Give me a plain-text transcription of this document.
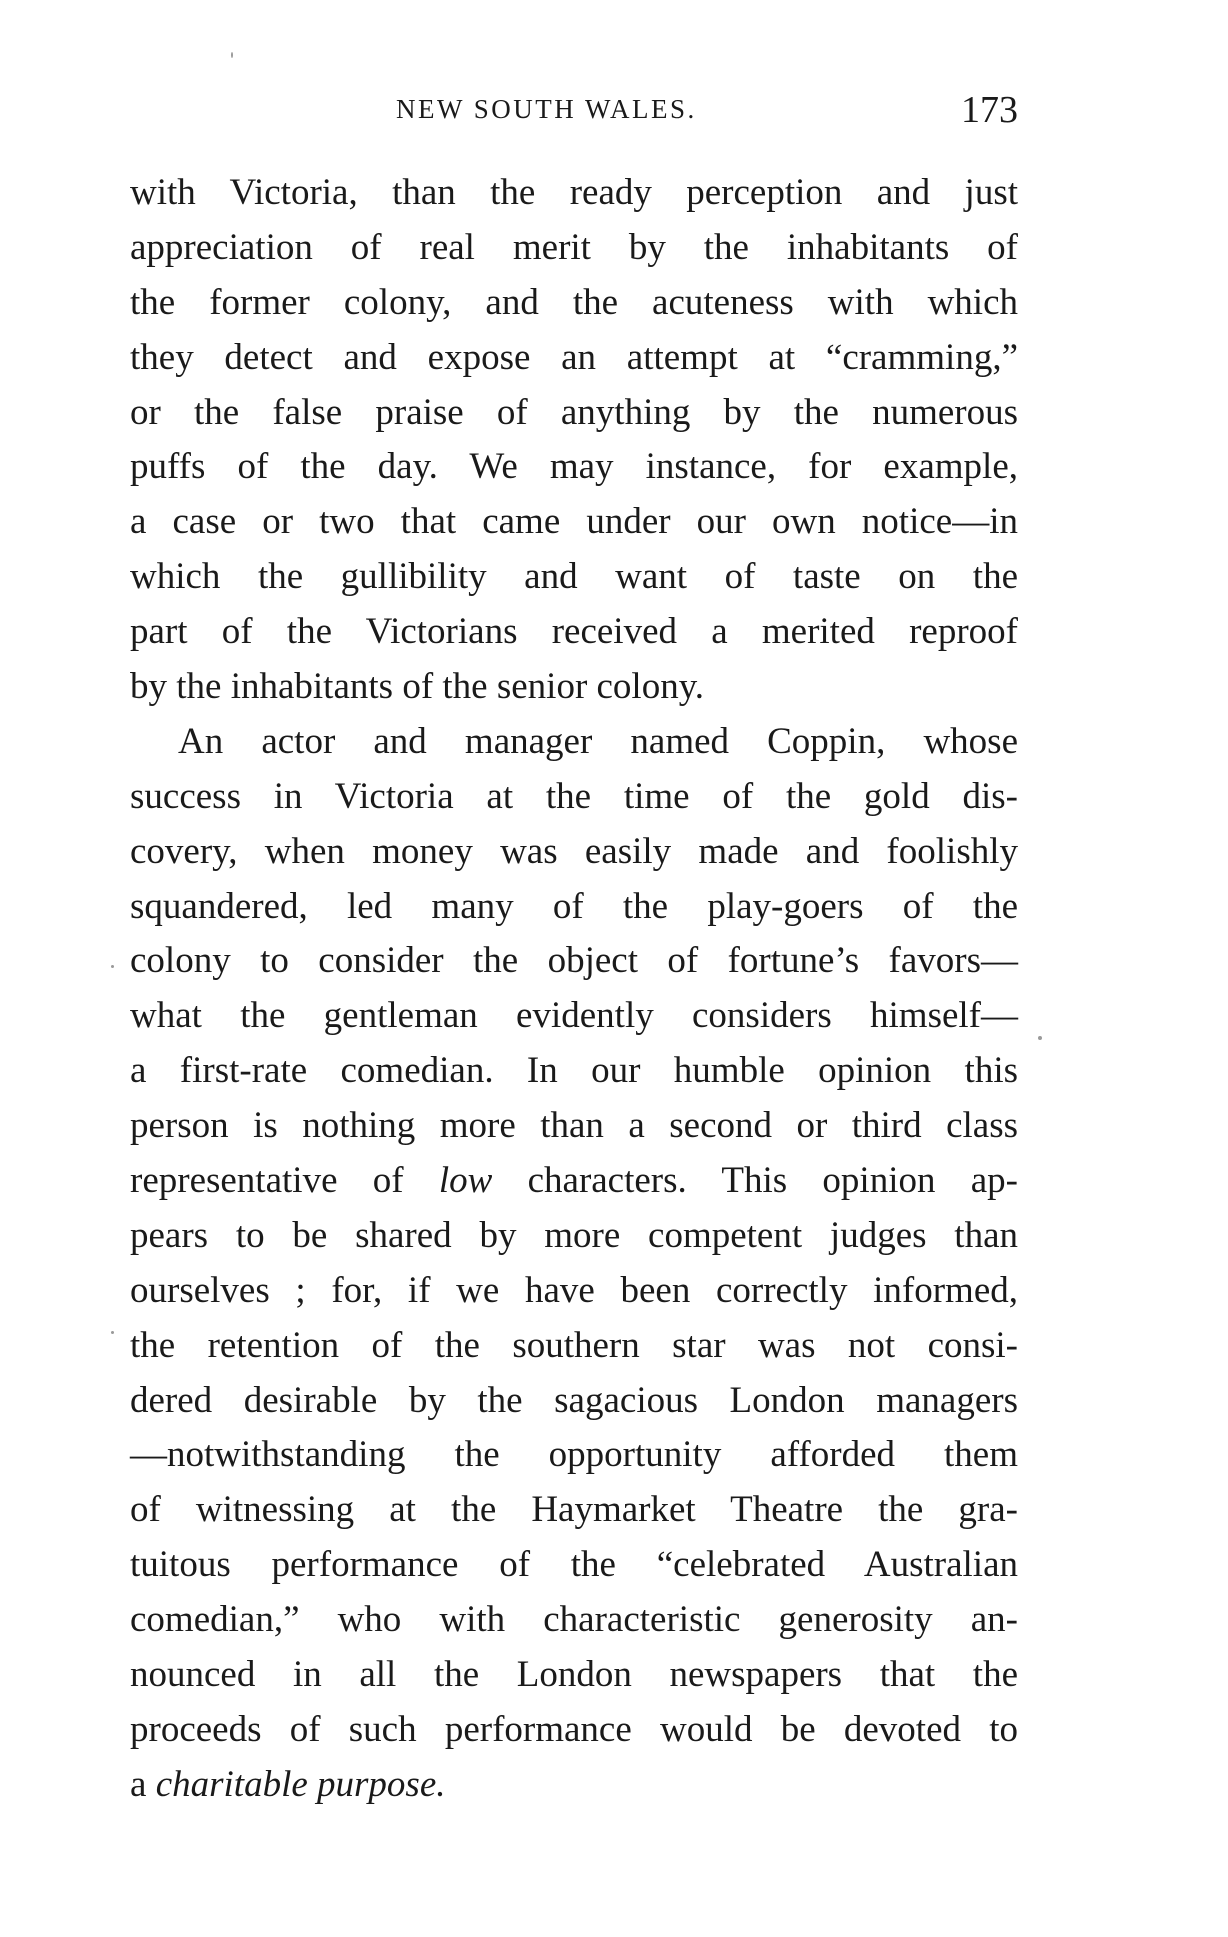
NEW SOUTH WALES.	173
with Victoria, than the ready perception and just
appreciation of real merit by the inhabitants of
the former colony, and the acuteness with which
they detect and expose an attempt at “cramming,”
or the false praise of anything by the numerous
puffs of the day. We may instance, for example,
a case or two that came under our own notice—in
which the gullibility and want of taste on the
part of the Victorians received a merited reproof
by the inhabitants of the senior colony.
An actor and manager named Coppin, whose
success in Victoria at the time of the gold dis-
covery, when money was easily made and foolishly
squandered, led many of the play-goers of the
colony to consider the object of fortune’s favors—
what the gentleman evidently considers himself—
a first-rate comedian. In our humble opinion this
person is nothing more than a second or third class
representative of low characters. This opinion ap-
pears to be shared by more competent judges than
ourselves ; for, if we have been correctly informed,
the retention of the southern star was not consi-
dered desirable by the sagacious London managers
—notwithstanding the opportunity afforded them
of witnessing at the Haymarket Theatre the gra-
tuitous performance of the “celebrated Australian
comedian,” who with characteristic generosity an-
nounced in all the London newspapers that the
proceeds of such performance would be devoted to
a charitable purpose.
